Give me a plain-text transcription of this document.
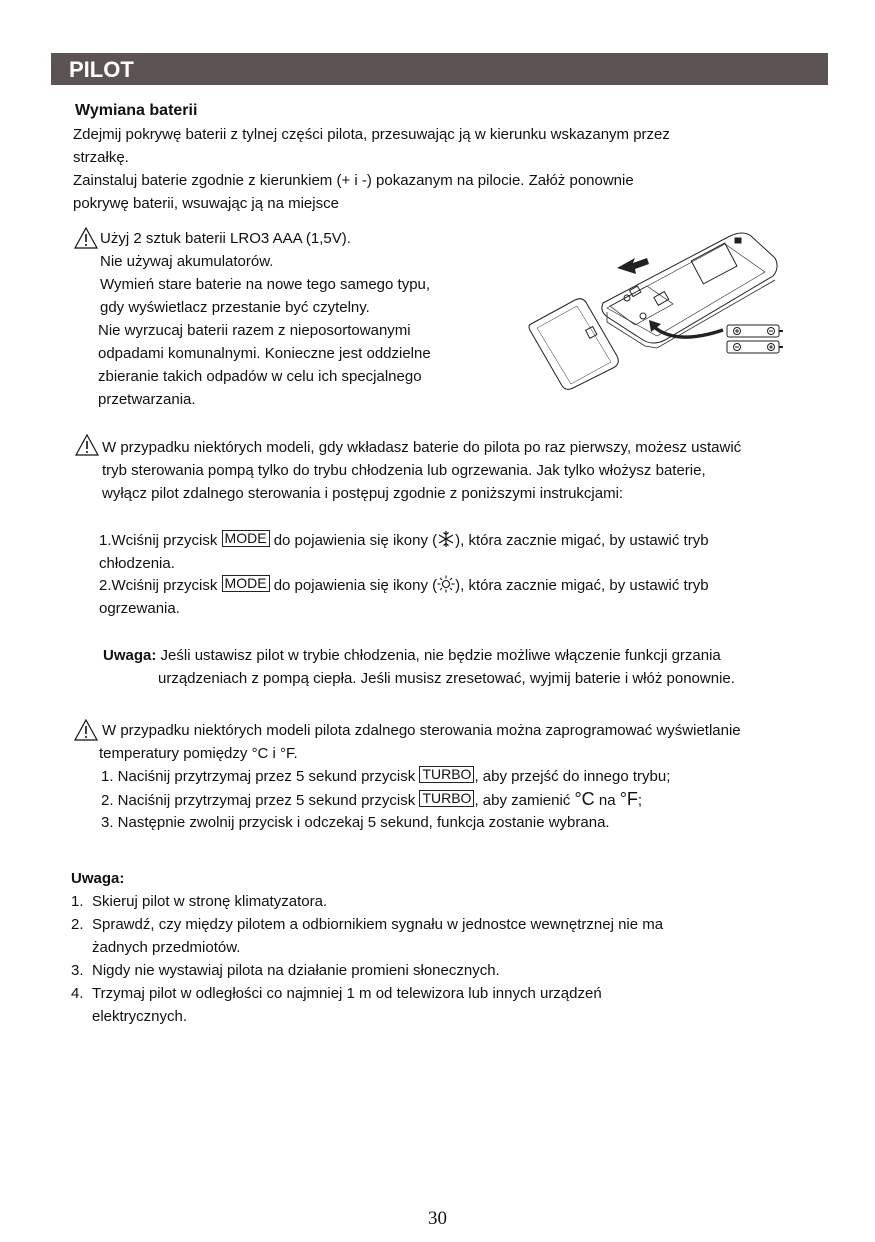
PILOT
Wymiana baterii
Zdejmij pokrywę baterii z tylnej części pilota, przesuwając ją w kierunku wskazanym przez
strzałkę.
Zainstaluj baterie zgodnie z kierunkiem (+ i -) pokazanym na pilocie. Załóż ponownie
pokrywę baterii, wsuwając ją na miejsce
Użyj 2 sztuk baterii LRO3 AAA (1,5V).
Nie używaj akumulatorów.
Wymień stare baterie na nowe tego samego typu,
gdy wyświetlacz przestanie być czytelny.
Nie wyrzucaj baterii razem z nieposortowanymi
odpadami komunalnymi. Konieczne jest oddzielne
zbieranie takich odpadów w celu ich specjalnego
przetwarzania.
W przypadku niektórych modeli, gdy wkładasz baterie do pilota po raz pierwszy, możesz ustawić
tryb sterowania pompą tylko do trybu chłodzenia lub ogrzewania. Jak tylko włożysz baterie,
wyłącz pilot zdalnego sterowania i postępuj zgodnie z poniższymi instrukcjami:
1.Wciśnij przycisk MODE do pojawienia się ikony ( ), która zacznie migać, by ustawić tryb
chłodzenia.
2.Wciśnij przycisk MODE do pojawienia się ikony ( ), która zacznie migać, by ustawić tryb
ogrzewania.
Uwaga: Jeśli ustawisz pilot w trybie chłodzenia, nie będzie możliwe włączenie funkcji grzania
urządzeniach z pompą ciepła. Jeśli musisz zresetować, wyjmij baterie i włóż ponownie.
W przypadku niektórych modeli pilota zdalnego sterowania można zaprogramować wyświetlanie
temperatury pomiędzy °C i °F.
1. Naciśnij przytrzymaj przez 5 sekund przycisk TURBO , aby przejść do innego trybu;
2. Naciśnij przytrzymaj przez 5 sekund przycisk TURBO , aby zamienić °C na °F;
3. Następnie zwolnij przycisk i odczekaj 5 sekund, funkcja zostanie wybrana.
Uwaga:
1. Skieruj pilot w stronę klimatyzatora.
2. Sprawdź, czy między pilotem a odbiornikiem sygnału w jednostce wewnętrznej nie ma
żadnych przedmiotów.
3. Nigdy nie wystawiaj pilota na działanie promieni słonecznych.
4. Trzymaj pilot w odległości co najmniej 1 m od telewizora lub innych urządzeń
elektrycznych.
30
